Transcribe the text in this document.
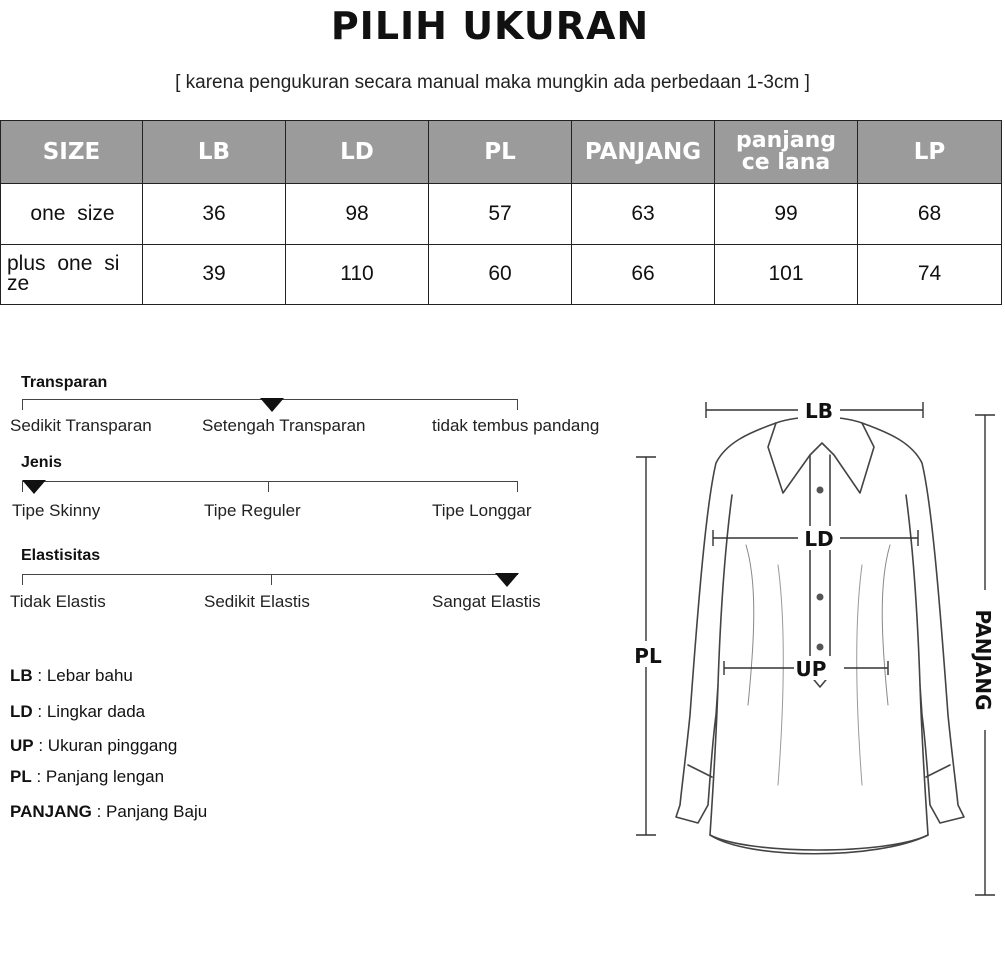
PILIH UKURAN
[ karena pengukuran secara manual maka mungkin ada perbedaan 1-3cm ]
SIZE	LB	LD	PL	PANJANG	panjang ce lana	LP
one size	36	98	57	63	99	68
plus one si ze	39	110	60	66	101	74
Transparan
Sedikit Transparan	Setengah Transparan	tidak tembus pandang
Jenis
Tipe Skinny	Tipe Reguler	Tipe Longgar
Elastisitas
Tidak Elastis	Sedikit Elastis	Sangat Elastis
LB : Lebar bahu
LD : Lingkar dada
UP : Ukuran pinggang
PL : Panjang lengan
PANJANG : Panjang Baju
LB
LD
UP
PL	PANJANG
